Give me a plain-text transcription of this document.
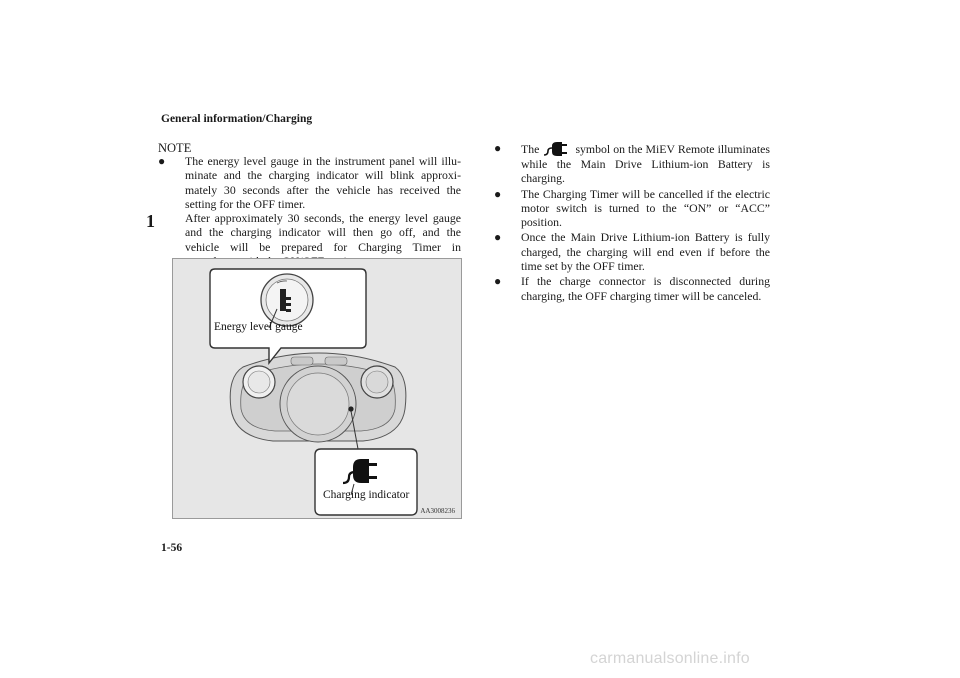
General information/Charging
1
1-56
NOTE
● The energy level gauge in the instrument panel will illu-minate and the charging indicator will blink approxi-mately 30 seconds after the vehicle has received the setting for the OFF timer.
After approximately 30 seconds, the energy level gauge and the charging indicator will then go off, and the vehicle will be prepared for Charging Timer in
Energy level gauge
Charging indicator
AA3008236
● The	symbol on the MiEV Remote illuminates while the Main Drive Lithium-ion Battery is charging.
● The Charging Timer will be cancelled if the electric motor switch is turned to the “ON” or “ACC” position.
● Once the Main Drive Lithium-ion Battery is fully charged, the charging will end even if before the time set by the OFF timer.
● If the charge connector is disconnected during charging, the OFF charging timer will be canceled.
carmanualsonline.info
